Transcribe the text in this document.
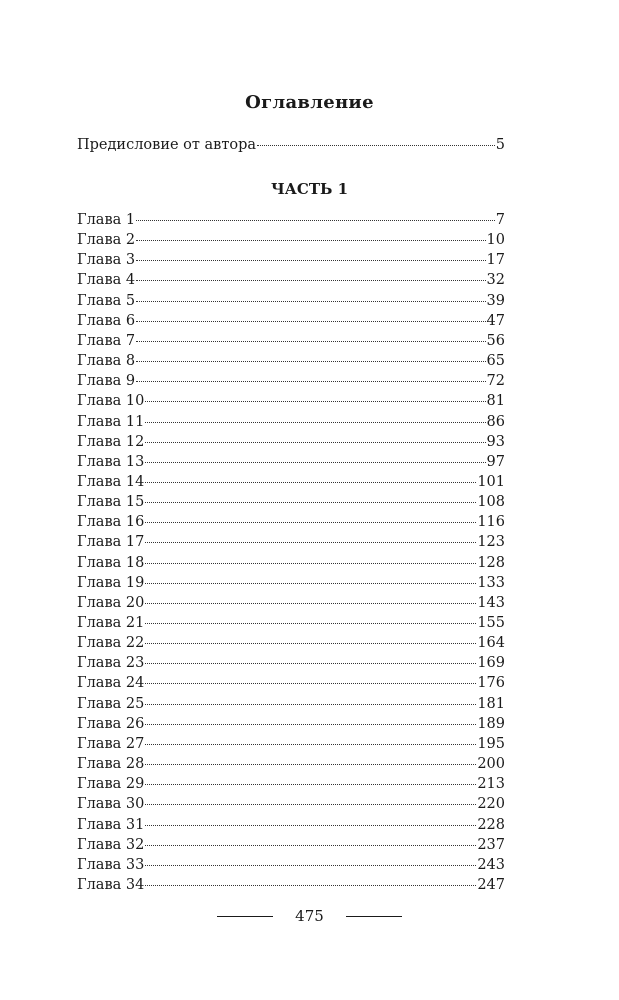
Оглавление
Предисловие от автора	5
ЧАСТЬ 1
Глава 1	7
Глава 2	10
Глава 3	17
Глава 4	32
Глава 5	39
Глава 6	47
Глава 7	56
Глава 8	65
Глава 9	72
Глава 10	81
Глава 11	86
Глава 12	93
Глава 13	97
Глава 14	101
Глава 15	108
Глава 16	116
Глава 17	123
Глава 18	128
Глава 19	133
Глава 20	143
Глава 21	155
Глава 22	164
Глава 23	169
Глава 24	176
Глава 25	181
Глава 26	189
Глава 27	195
Глава 28	200
Глава 29	213
Глава 30	220
Глава 31	228
Глава 32	237
Глава 33	243
Глава 34	247
475
